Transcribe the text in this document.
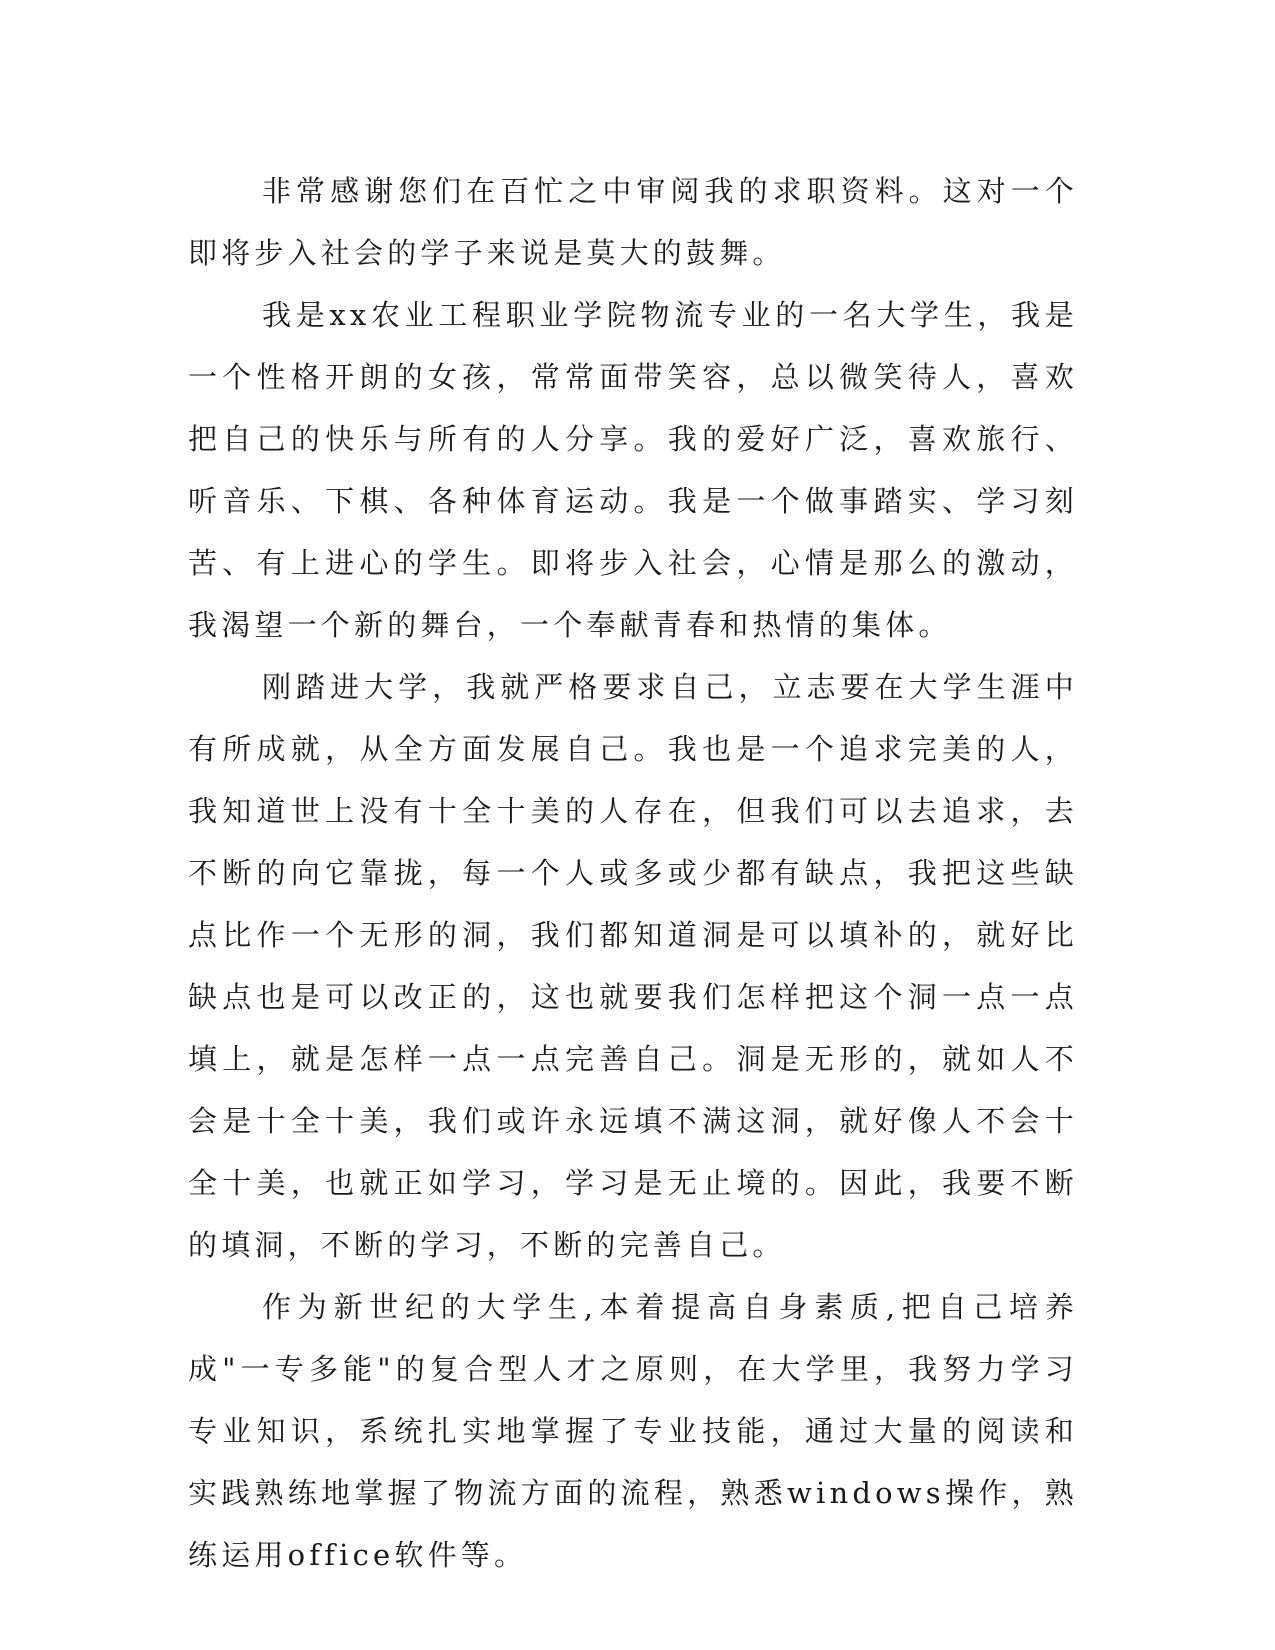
非常感谢您们在百忙之中审阅我的求职资料。这对一个即将步入社会的学子来说是莫大的鼓舞。

我是xx农业工程职业学院物流专业的一名大学生，我是一个性格开朗的女孩，常常面带笑容，总以微笑待人，喜欢把自己的快乐与所有的人分享。我的爱好广泛，喜欢旅行、听音乐、下棋、各种体育运动。我是一个做事踏实、学习刻苦、有上进心的学生。即将步入社会，心情是那么的激动，我渴望一个新的舞台，一个奉献青春和热情的集体。

刚踏进大学，我就严格要求自己，立志要在大学生涯中有所成就，从全方面发展自己。我也是一个追求完美的人，我知道世上没有十全十美的人存在，但我们可以去追求，去不断的向它靠拢，每一个人或多或少都有缺点，我把这些缺点比作一个无形的洞，我们都知道洞是可以填补的，就好比缺点也是可以改正的，这也就要我们怎样把这个洞一点一点填上，就是怎样一点一点完善自己。洞是无形的，就如人不会是十全十美，我们或许永远填不满这洞，就好像人不会十全十美，也就正如学习，学习是无止境的。因此，我要不断的填洞，不断的学习，不断的完善自己。

作为新世纪的大学生,本着提高自身素质,把自己培养成"一专多能"的复合型人才之原则，在大学里，我努力学习专业知识，系统扎实地掌握了专业技能，通过大量的阅读和实践熟练地掌握了物流方面的流程，熟悉windows操作，熟练运用office软件等。
